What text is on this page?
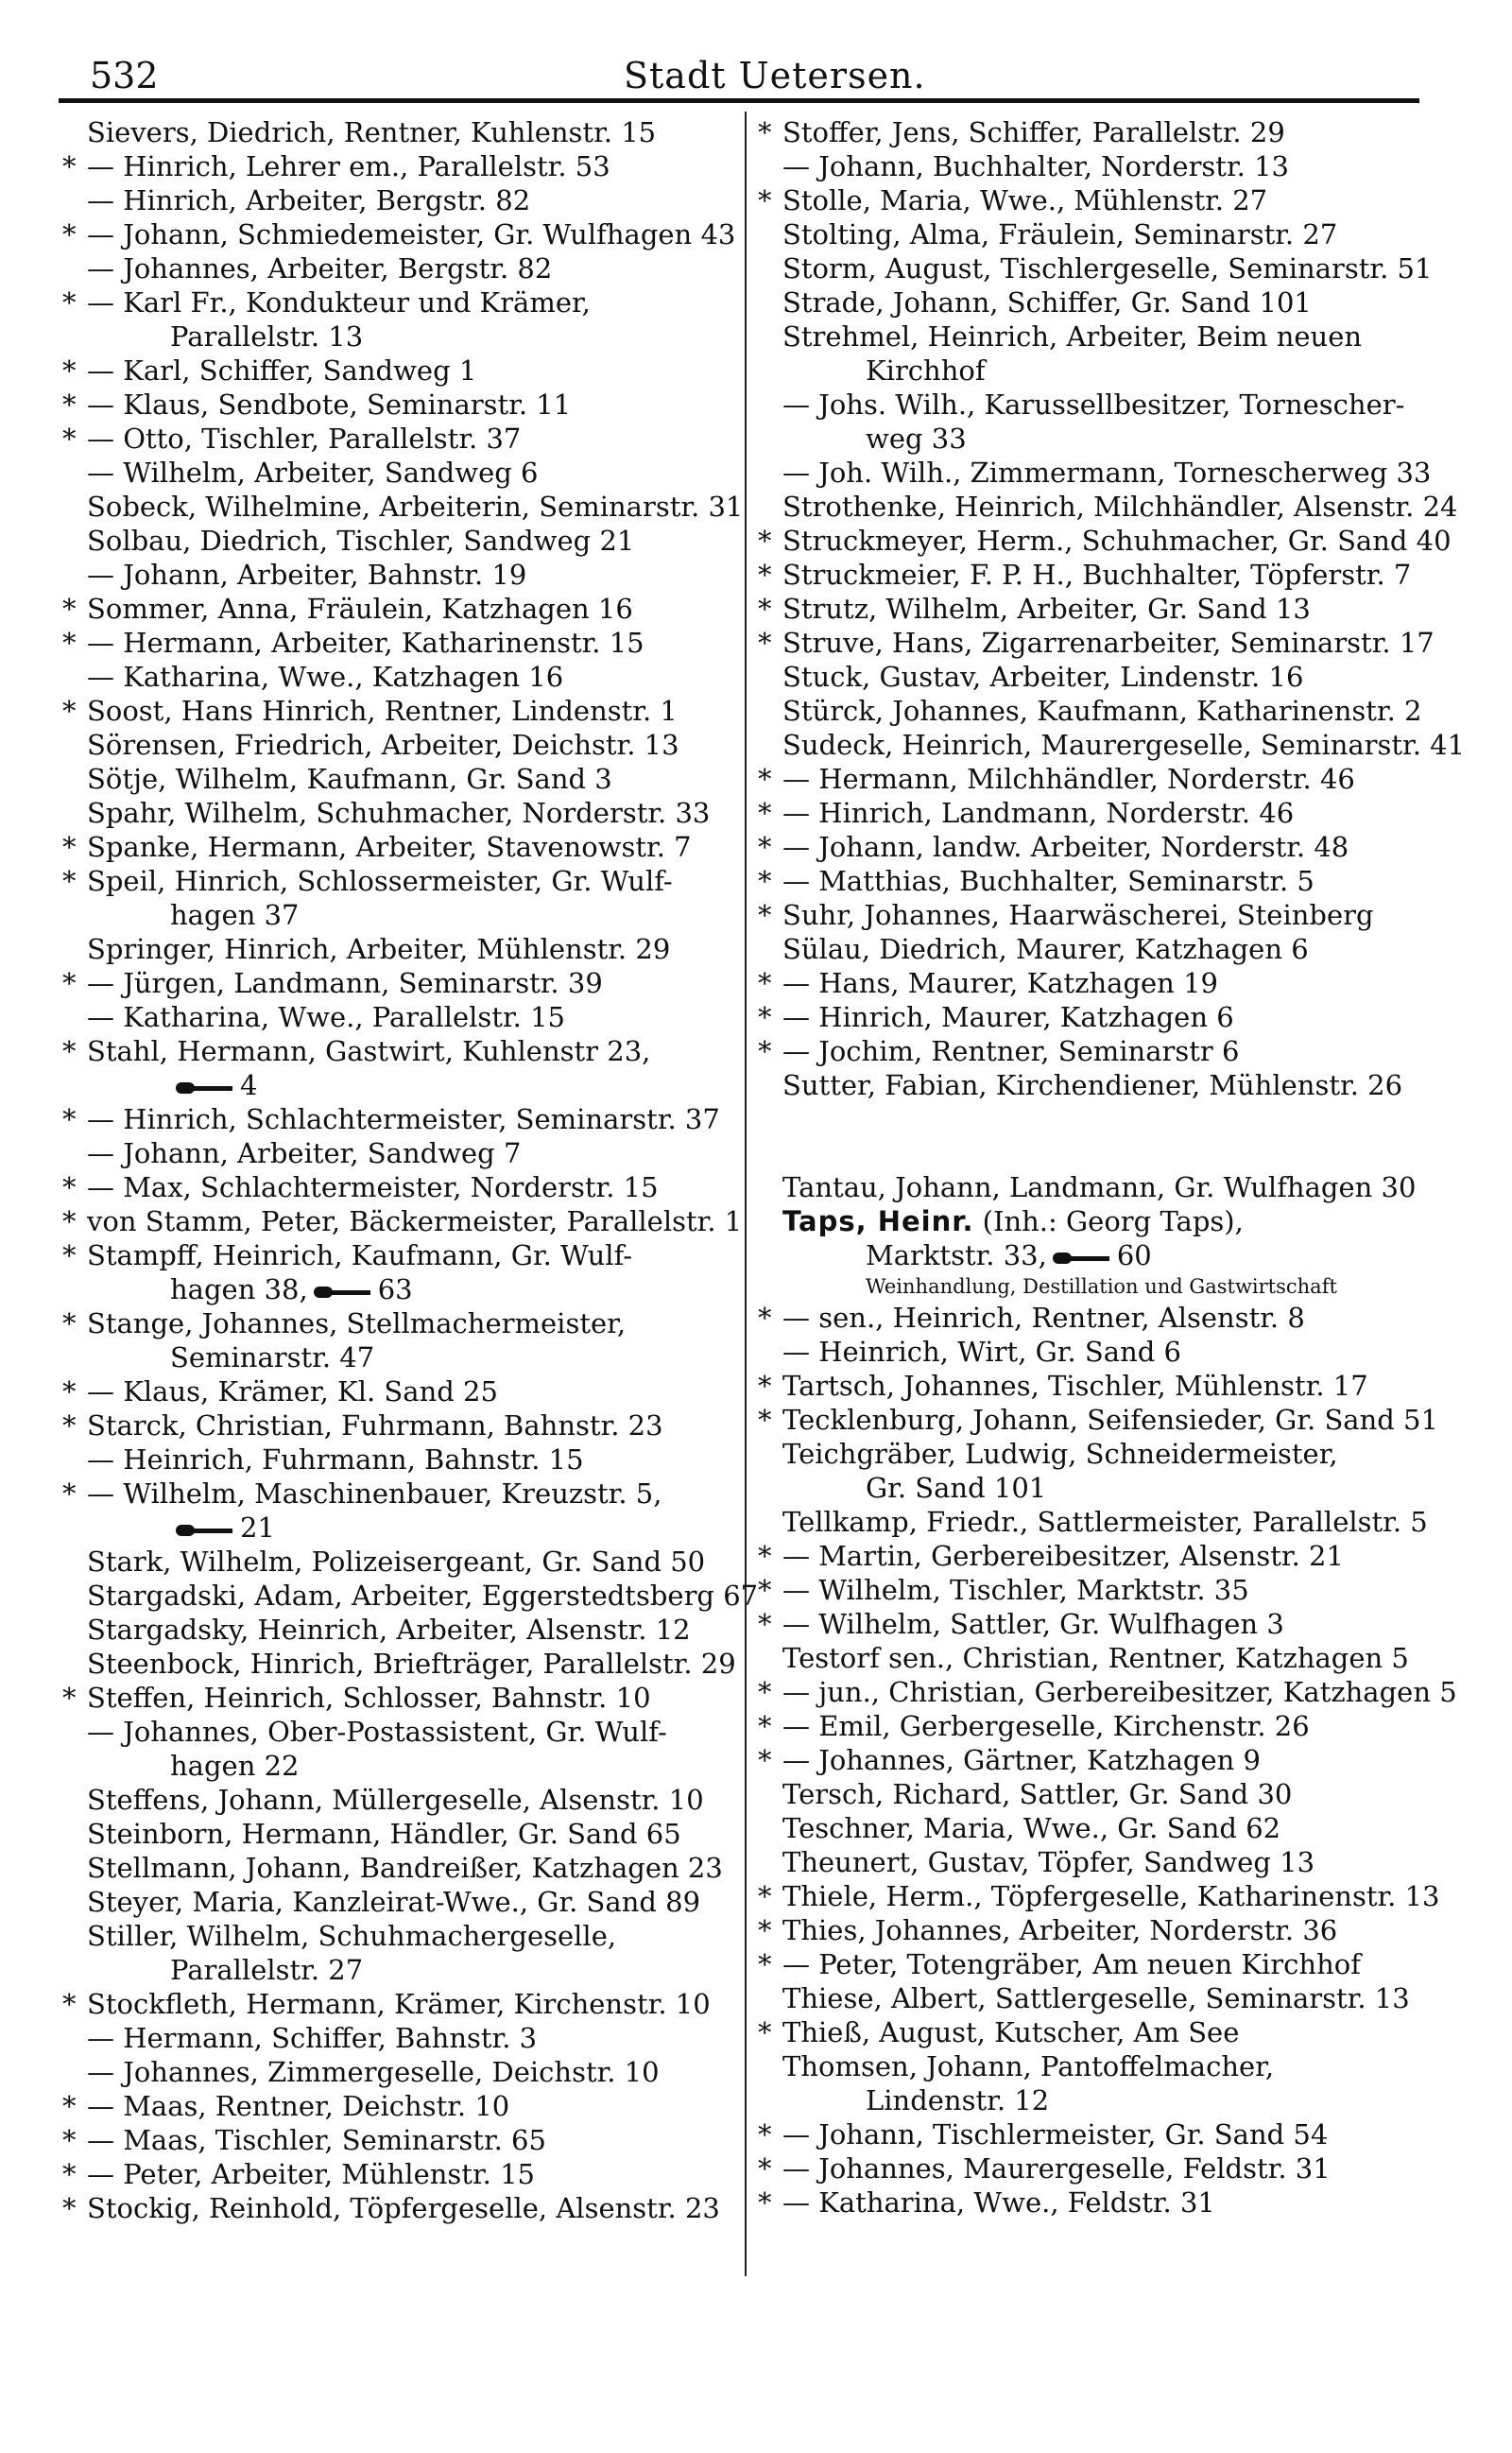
532	Stadt Uetersen.
Sievers, Diedrich, Rentner, Kuhlenstr. 15
* — Hinrich, Lehrer em., Parallelstr. 53
— Hinrich, Arbeiter, Bergstr. 82
* — Johann, Schmiedemeister, Gr. Wulfhagen 43
— Johannes, Arbeiter, Bergstr. 82
* — Karl Fr., Kondukteur und Krämer,
Parallelstr. 13
* — Karl, Schiffer, Sandweg 1
* — Klaus, Sendbote, Seminarstr. 11
* — Otto, Tischler, Parallelstr. 37
— Wilhelm, Arbeiter, Sandweg 6
Sobeck, Wilhelmine, Arbeiterin, Seminarstr. 31
Solbau, Diedrich, Tischler, Sandweg 21
— Johann, Arbeiter, Bahnstr. 19
* Sommer, Anna, Fräulein, Katzhagen 16
* — Hermann, Arbeiter, Katharinenstr. 15
— Katharina, Wwe., Katzhagen 16
* Soost, Hans Hinrich, Rentner, Lindenstr. 1
Sörensen, Friedrich, Arbeiter, Deichstr. 13
Sötje, Wilhelm, Kaufmann, Gr. Sand 3
Spahr, Wilhelm, Schuhmacher, Norderstr. 33
* Spanke, Hermann, Arbeiter, Stavenowstr. 7
* Speil, Hinrich, Schlossermeister, Gr. Wulf-
hagen 37
Springer, Hinrich, Arbeiter, Mühlenstr. 29
* — Jürgen, Landmann, Seminarstr. 39
— Katharina, Wwe., Parallelstr. 15
* Stahl, Hermann, Gastwirt, Kuhlenstr 23,
4
* — Hinrich, Schlachtermeister, Seminarstr. 37
— Johann, Arbeiter, Sandweg 7
* — Max, Schlachtermeister, Norderstr. 15
* von Stamm, Peter, Bäckermeister, Parallelstr. 1
* Stampff, Heinrich, Kaufmann, Gr. Wulf-
hagen 38,	63
* Stange, Johannes, Stellmachermeister,
Seminarstr. 47
* — Klaus, Krämer, Kl. Sand 25
* Starck, Christian, Fuhrmann, Bahnstr. 23
— Heinrich, Fuhrmann, Bahnstr. 15
* — Wilhelm, Maschinenbauer, Kreuzstr. 5,
21
Stark, Wilhelm, Polizeisergeant, Gr. Sand 50
Stargadski, Adam, Arbeiter, Eggerstedtsberg 67
Stargadsky, Heinrich, Arbeiter, Alsenstr. 12
Steenbock, Hinrich, Briefträger, Parallelstr. 29
* Steffen, Heinrich, Schlosser, Bahnstr. 10
— Johannes, Ober-Postassistent, Gr. Wulf-
hagen 22
Steffens, Johann, Müllergeselle, Alsenstr. 10
Steinborn, Hermann, Händler, Gr. Sand 65
Stellmann, Johann, Bandreißer, Katzhagen 23
Steyer, Maria, Kanzleirat-Wwe., Gr. Sand 89
Stiller, Wilhelm, Schuhmachergeselle,
Parallelstr. 27
* Stockfleth, Hermann, Krämer, Kirchenstr. 10
— Hermann, Schiffer, Bahnstr. 3
— Johannes, Zimmergeselle, Deichstr. 10
* — Maas, Rentner, Deichstr. 10
* — Maas, Tischler, Seminarstr. 65
* — Peter, Arbeiter, Mühlenstr. 15
* Stockig, Reinhold, Töpfergeselle, Alsenstr. 23
* Stoffer, Jens, Schiffer, Parallelstr. 29
— Johann, Buchhalter, Norderstr. 13
* Stolle, Maria, Wwe., Mühlenstr. 27
Stolting, Alma, Fräulein, Seminarstr. 27
Storm, August, Tischlergeselle, Seminarstr. 51
Strade, Johann, Schiffer, Gr. Sand 101
Strehmel, Heinrich, Arbeiter, Beim neuen
Kirchhof
— Johs. Wilh., Karussellbesitzer, Tornescher-
weg 33
— Joh. Wilh., Zimmermann, Tornescherweg 33
Strothenke, Heinrich, Milchhändler, Alsenstr. 24
* Struckmeyer, Herm., Schuhmacher, Gr. Sand 40
* Struckmeier, F. P. H., Buchhalter, Töpferstr. 7
* Strutz, Wilhelm, Arbeiter, Gr. Sand 13
* Struve, Hans, Zigarrenarbeiter, Seminarstr. 17
Stuck, Gustav, Arbeiter, Lindenstr. 16
Stürck, Johannes, Kaufmann, Katharinenstr. 2
Sudeck, Heinrich, Maurergeselle, Seminarstr. 41
* — Hermann, Milchhändler, Norderstr. 46
* — Hinrich, Landmann, Norderstr. 46
* — Johann, landw. Arbeiter, Norderstr. 48
* — Matthias, Buchhalter, Seminarstr. 5
* Suhr, Johannes, Haarwäscherei, Steinberg
Sülau, Diedrich, Maurer, Katzhagen 6
* — Hans, Maurer, Katzhagen 19
* — Hinrich, Maurer, Katzhagen 6
* — Jochim, Rentner, Seminarstr 6
Sutter, Fabian, Kirchendiener, Mühlenstr. 26
Tantau, Johann, Landmann, Gr. Wulfhagen 30
Taps, Heinr. (Inh.: Georg Taps),
Marktstr. 33,	60
Weinhandlung, Destillation und Gastwirtschaft
* — sen., Heinrich, Rentner, Alsenstr. 8
— Heinrich, Wirt, Gr. Sand 6
* Tartsch, Johannes, Tischler, Mühlenstr. 17
* Tecklenburg, Johann, Seifensieder, Gr. Sand 51
Teichgräber, Ludwig, Schneidermeister,
Gr. Sand 101
Tellkamp, Friedr., Sattlermeister, Parallelstr. 5
* — Martin, Gerbereibesitzer, Alsenstr. 21
* — Wilhelm, Tischler, Marktstr. 35
* — Wilhelm, Sattler, Gr. Wulfhagen 3
Testorf sen., Christian, Rentner, Katzhagen 5
* — jun., Christian, Gerbereibesitzer, Katzhagen 5
* — Emil, Gerbergeselle, Kirchenstr. 26
* — Johannes, Gärtner, Katzhagen 9
Tersch, Richard, Sattler, Gr. Sand 30
Teschner, Maria, Wwe., Gr. Sand 62
Theunert, Gustav, Töpfer, Sandweg 13
* Thiele, Herm., Töpfergeselle, Katharinenstr. 13
* Thies, Johannes, Arbeiter, Norderstr. 36
* — Peter, Totengräber, Am neuen Kirchhof
Thiese, Albert, Sattlergeselle, Seminarstr. 13
* Thieß, August, Kutscher, Am See
Thomsen, Johann, Pantoffelmacher,
Lindenstr. 12
* — Johann, Tischlermeister, Gr. Sand 54
* — Johannes, Maurergeselle, Feldstr. 31
* — Katharina, Wwe., Feldstr. 31
